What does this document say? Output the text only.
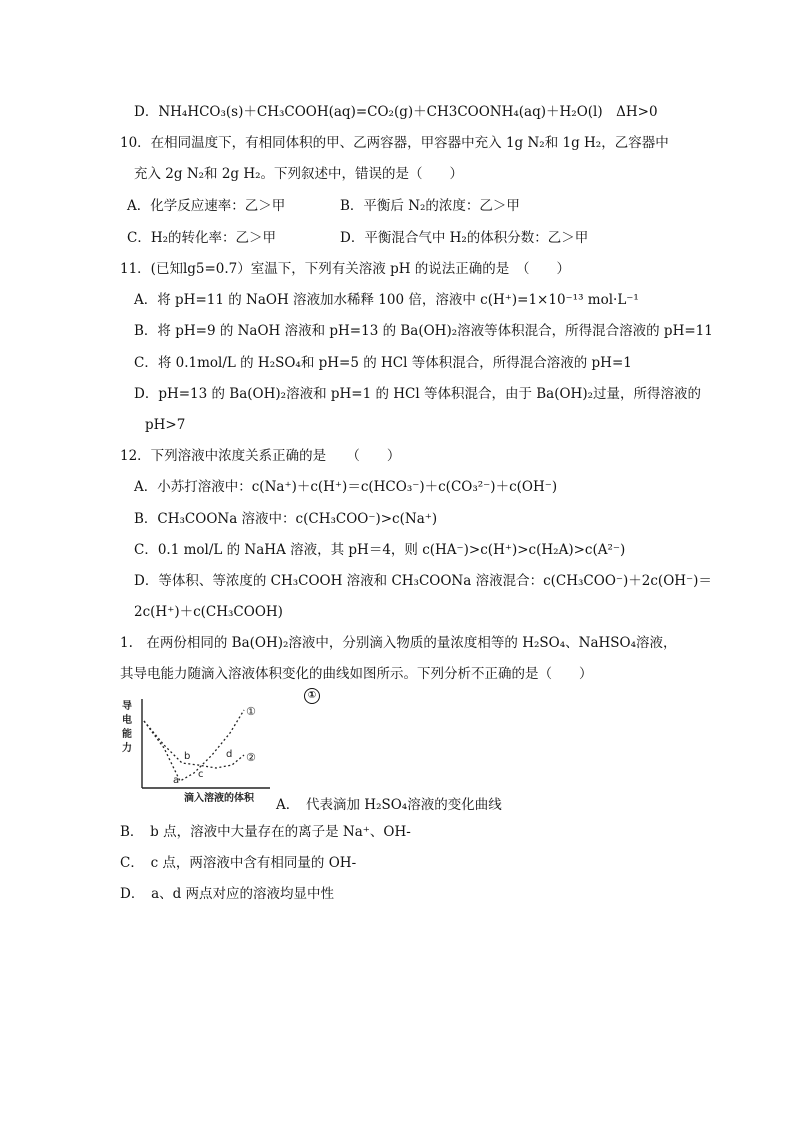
D．NH₄HCO₃(s)＋CH₃COOH(aq)=CO₂(g)＋CH3COONH₄(aq)＋H₂O(l)　ΔH>0
10．在相同温度下，有相同体积的甲、乙两容器，甲容器中充入 1g N₂和 1g H₂，乙容器中
充入 2g N₂和 2g H₂。下列叙述中，错误的是（　　）
A．化学反应速率：乙＞甲	B．平衡后 N₂的浓度：乙＞甲
C．H₂的转化率：乙＞甲	D．平衡混合气中 H₂的体积分数：乙＞甲
11．(已知lg5=0.7）室温下，下列有关溶液 pH 的说法正确的是　（　　）
A．将 pH=11 的 NaOH 溶液加水稀释 100 倍，溶液中 c(H⁺)=1×10⁻¹³ mol·L⁻¹
B．将 pH=9 的 NaOH 溶液和 pH=13 的 Ba(OH)₂溶液等体积混合，所得混合溶液的 pH=11
C．将 0.1mol/L 的 H₂SO₄和 pH=5 的 HCl 等体积混合，所得混合溶液的 pH=1
D．pH=13 的 Ba(OH)₂溶液和 pH=1 的 HCl 等体积混合，由于 Ba(OH)₂过量，所得溶液的
pH>7
12．下列溶液中浓度关系正确的是　　（　　）
A．小苏打溶液中：c(Na⁺)＋c(H⁺)＝c(HCO₃⁻)＋c(CO₃²⁻)＋c(OH⁻)
B．CH₃COONa 溶液中：c(CH₃COO⁻)>c(Na⁺)
C．0.1 mol/L 的 NaHA 溶液，其 pH＝4，则 c(HA⁻)>c(H⁺)>c(H₂A)>c(A²⁻)
D．等体积、等浓度的 CH₃COOH 溶液和 CH₃COONa 溶液混合：c(CH₃COO⁻)＋2c(OH⁻)＝
2c(H⁺)＋c(CH₃COOH)
1.　在两份相同的 Ba(OH)₂溶液中，分别滴入物质的量浓度相等的 H₂SO₄、NaHSO₄溶液，
其导电能力随滴入溶液体积变化的曲线如图所示。下列分析不正确的是（　　）
①
导
电
能
力
滴入溶液的体积
a
b
c
d
①
②
A．　代表滴加 H₂SO₄溶液的变化曲线
B．　b 点，溶液中大量存在的离子是 Na⁺、OH-
C．　c 点，两溶液中含有相同量的 OH-
D．　a、d 两点对应的溶液均显中性
